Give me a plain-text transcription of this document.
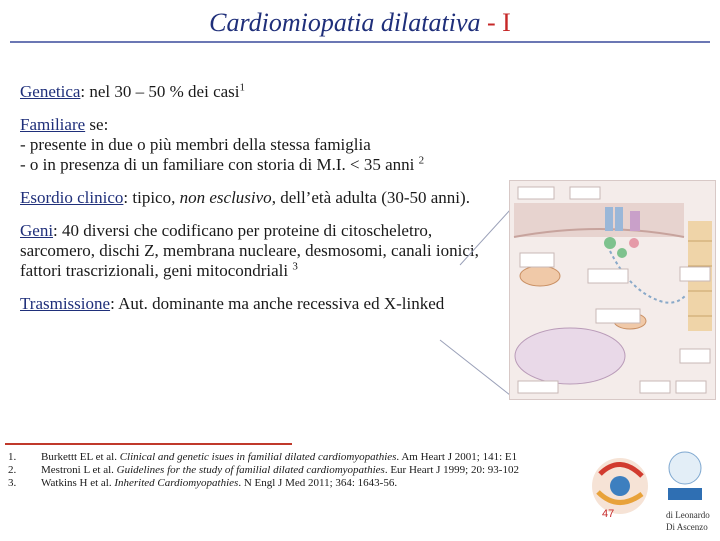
Cardiomiopatia dilatativa - I

Genetica: nel 30 – 50 % dei casi$^1$

Familiare se:
- presente in due o più membri della stessa famiglia
- o in presenza di un familiare con storia di M.I. < 35 anni $^2$

Esordio clinico: tipico, non esclusivo, dell’età adulta (30-50 anni).

Geni: 40 diversi che codificano per proteine di citoscheletro, sarcomero, dischi Z, membrana nucleare, desmosomi, canali ionici, fattori trascrizionali, geni mitocondriali $^3$

Trasmissione: Aut. dominante ma anche recessiva ed X-linked

1.	Burkettt EL et al. Clinical and genetic isues in familial dilated cardiomyopathies. Am Heart J 2001; 141: E1
2.	Mestroni L et al. Guidelines for the study of familial dilated cardiomyopathies. Eur Heart J 1999; 20: 93-102
3.	Watkins H et al. Inherited Cardiomyopathies. N Engl J Med 2011; 364: 1643-56.
47	di Leonardo
Di Ascenzo
